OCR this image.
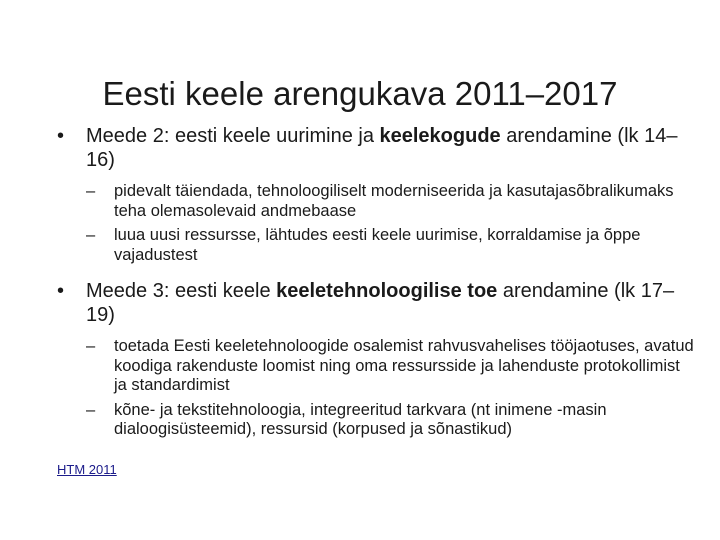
Eesti keele arengukava 2011–2017
• Meede 2: eesti keele uurimine ja keelekogude arendamine (lk 14–16)
– pidevalt täiendada, tehnoloogiliselt moderniseerida ja kasutajasõbralikumaks teha olemasolevaid andmebaase
– luua uusi ressursse, lähtudes eesti keele uurimise, korraldamise ja õppe vajadustest
• Meede 3: eesti keele keeletehnoloogilise toe arendamine (lk 17–19)
– toetada Eesti keeletehnoloogide osalemist rahvusvahelises tööjaotuses, avatud koodiga rakenduste loomist ning oma ressursside ja lahenduste protokollimist ja standardimist
– kõne- ja tekstitehnoloogia, integreeritud tarkvara (nt inimene -masin dialoogisüsteemid), ressursid (korpused ja sõnastikud)
HTM 2011
